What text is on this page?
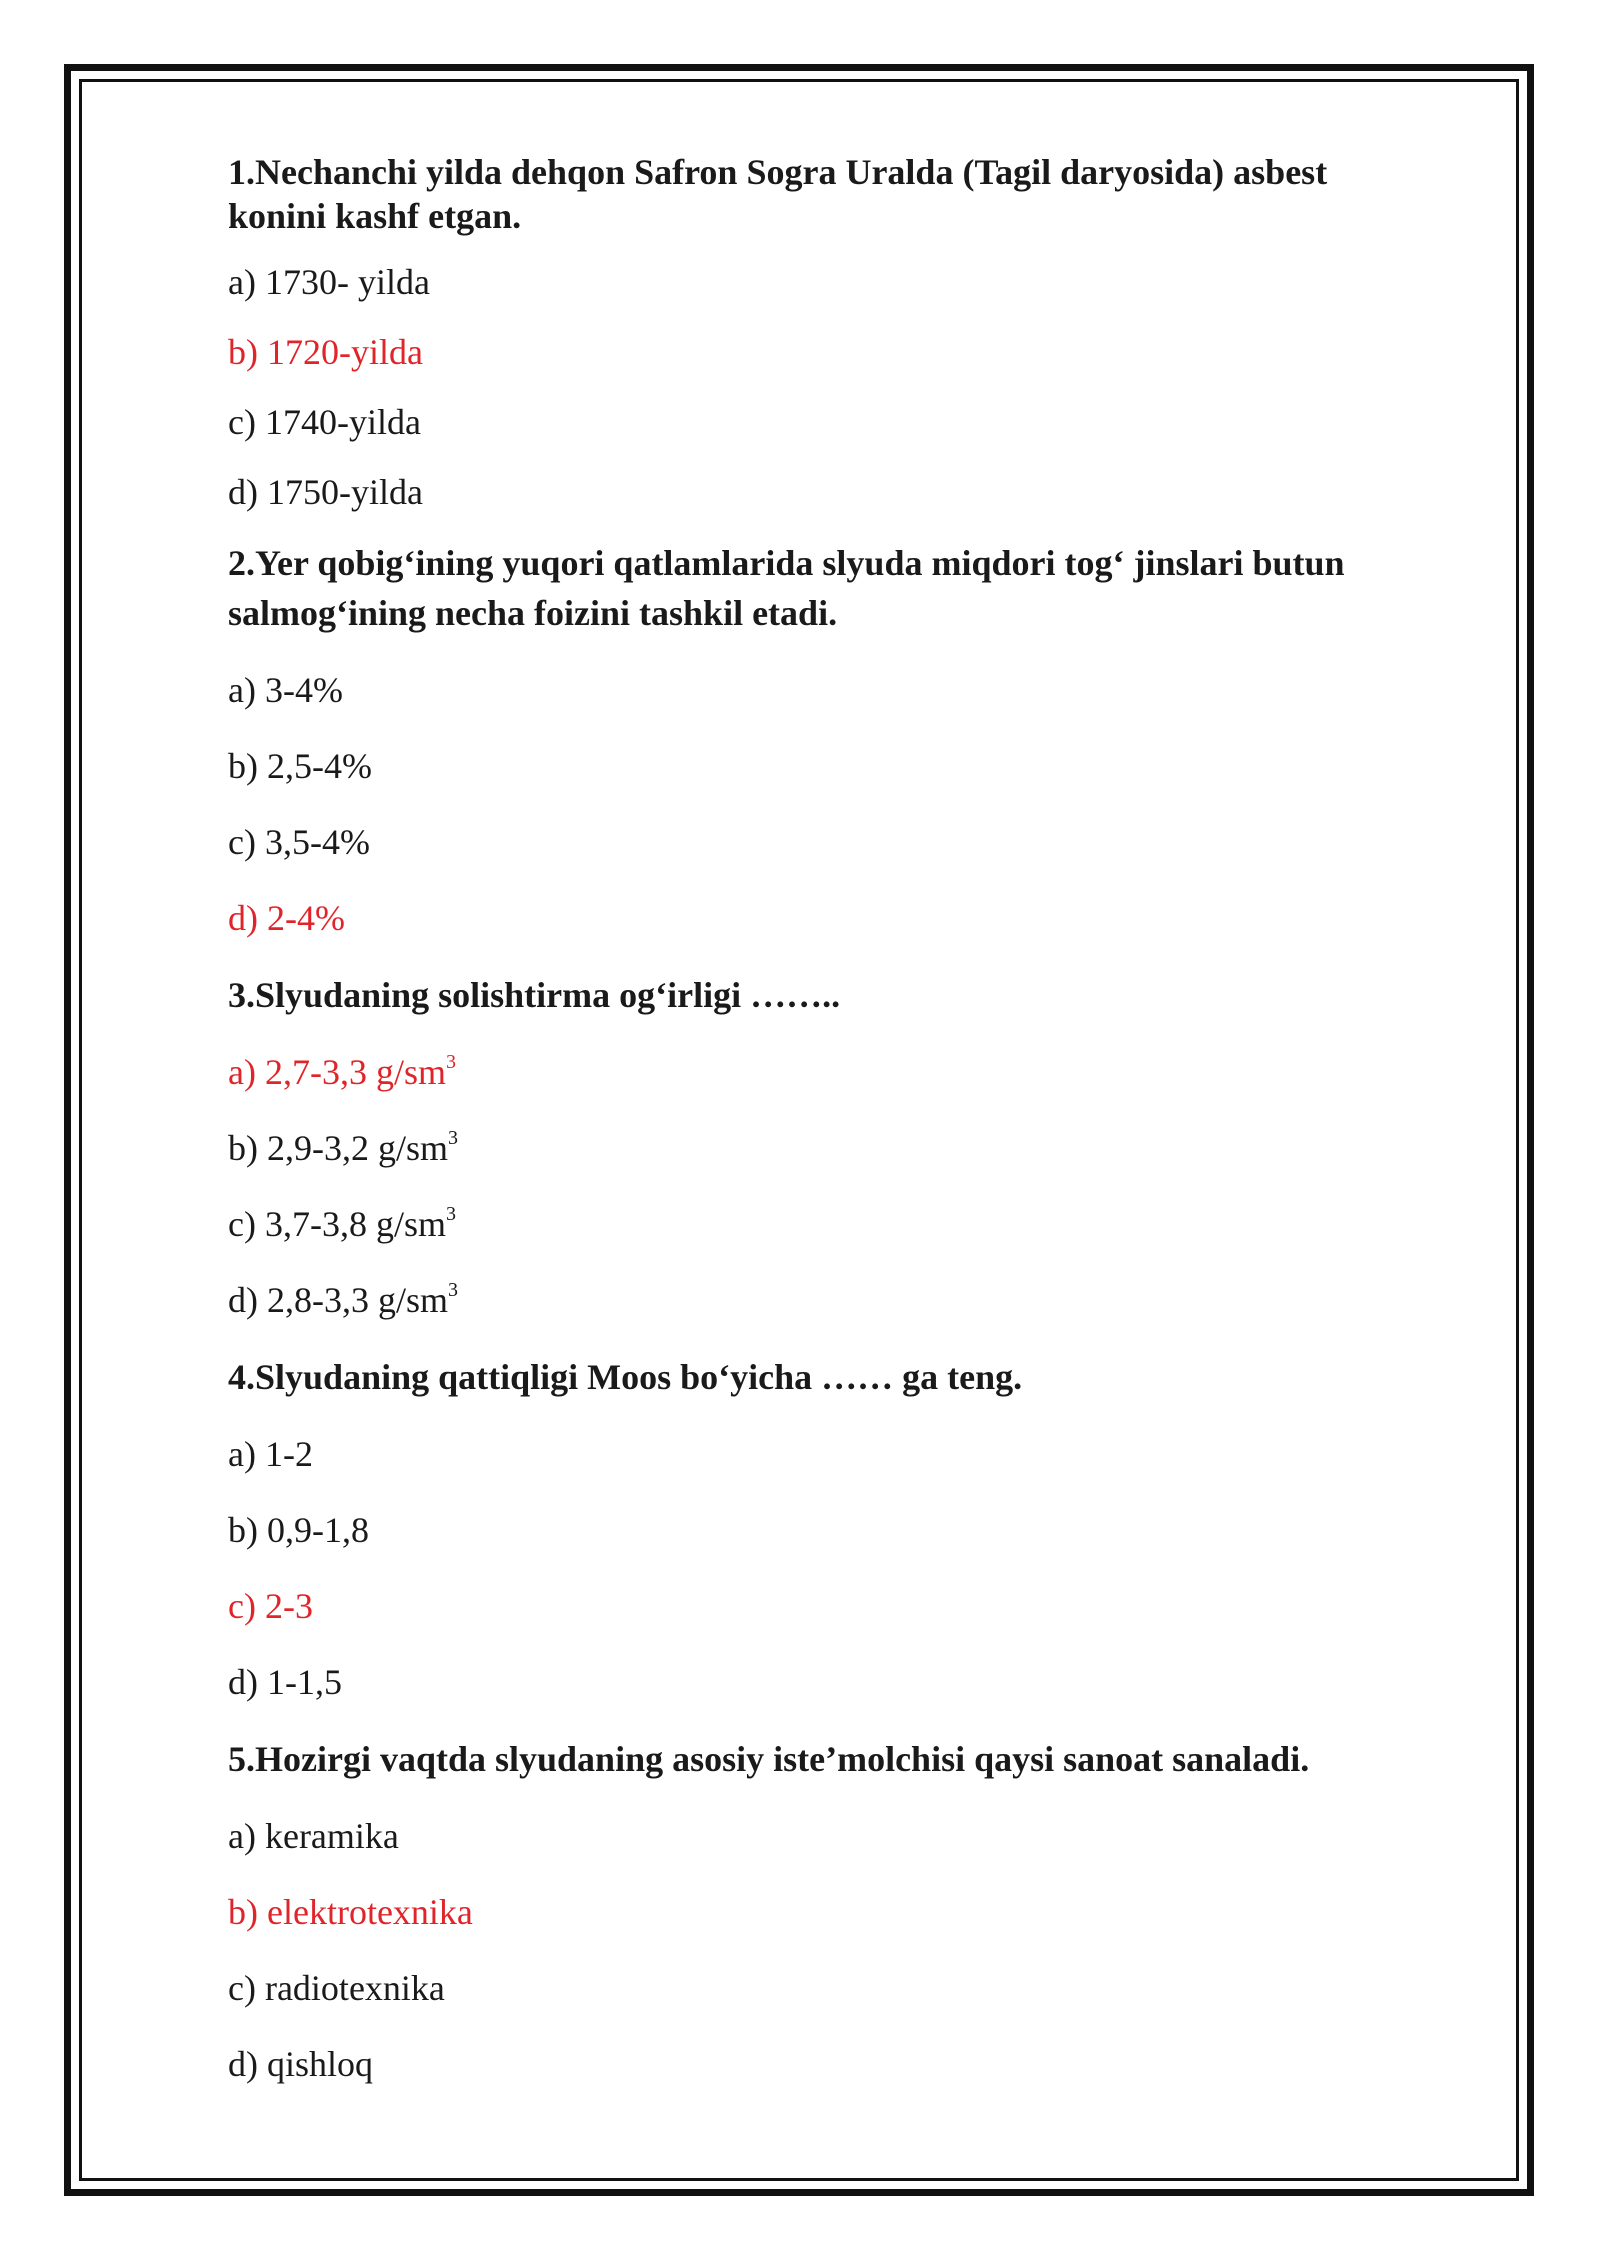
1.Nechanchi yilda dehqon Safron Sogra Uralda (Tagil daryosida) asbest konini kashf etgan.

a) 1730- yilda

b) 1720-yilda

c) 1740-yilda

d) 1750-yilda

2.Yer qobig‘ining yuqori qatlamlarida slyuda miqdori tog‘ jinslari butun salmog‘ining necha foizini tashkil etadi.

a) 3-4%

b) 2,5-4%

c) 3,5-4%

d) 2-4%

3.Slyudaning solishtirma og‘irligi ……..

a) 2,7-3,3 $g/sm^3$

b) 2,9-3,2 $g/sm^3$

c) 3,7-3,8 $g/sm^3$

d) 2,8-3,3 $g/sm^3$

4.Slyudaning qattiqligi Moos bo‘yicha …… ga teng.

a) 1-2

b) 0,9-1,8

c) 2-3

d) 1-1,5

5.Hozirgi vaqtda slyudaning asosiy iste’molchisi qaysi sanoat sanaladi.

a) keramika

b) elektrotexnika

c) radiotexnika

d) qishloq
